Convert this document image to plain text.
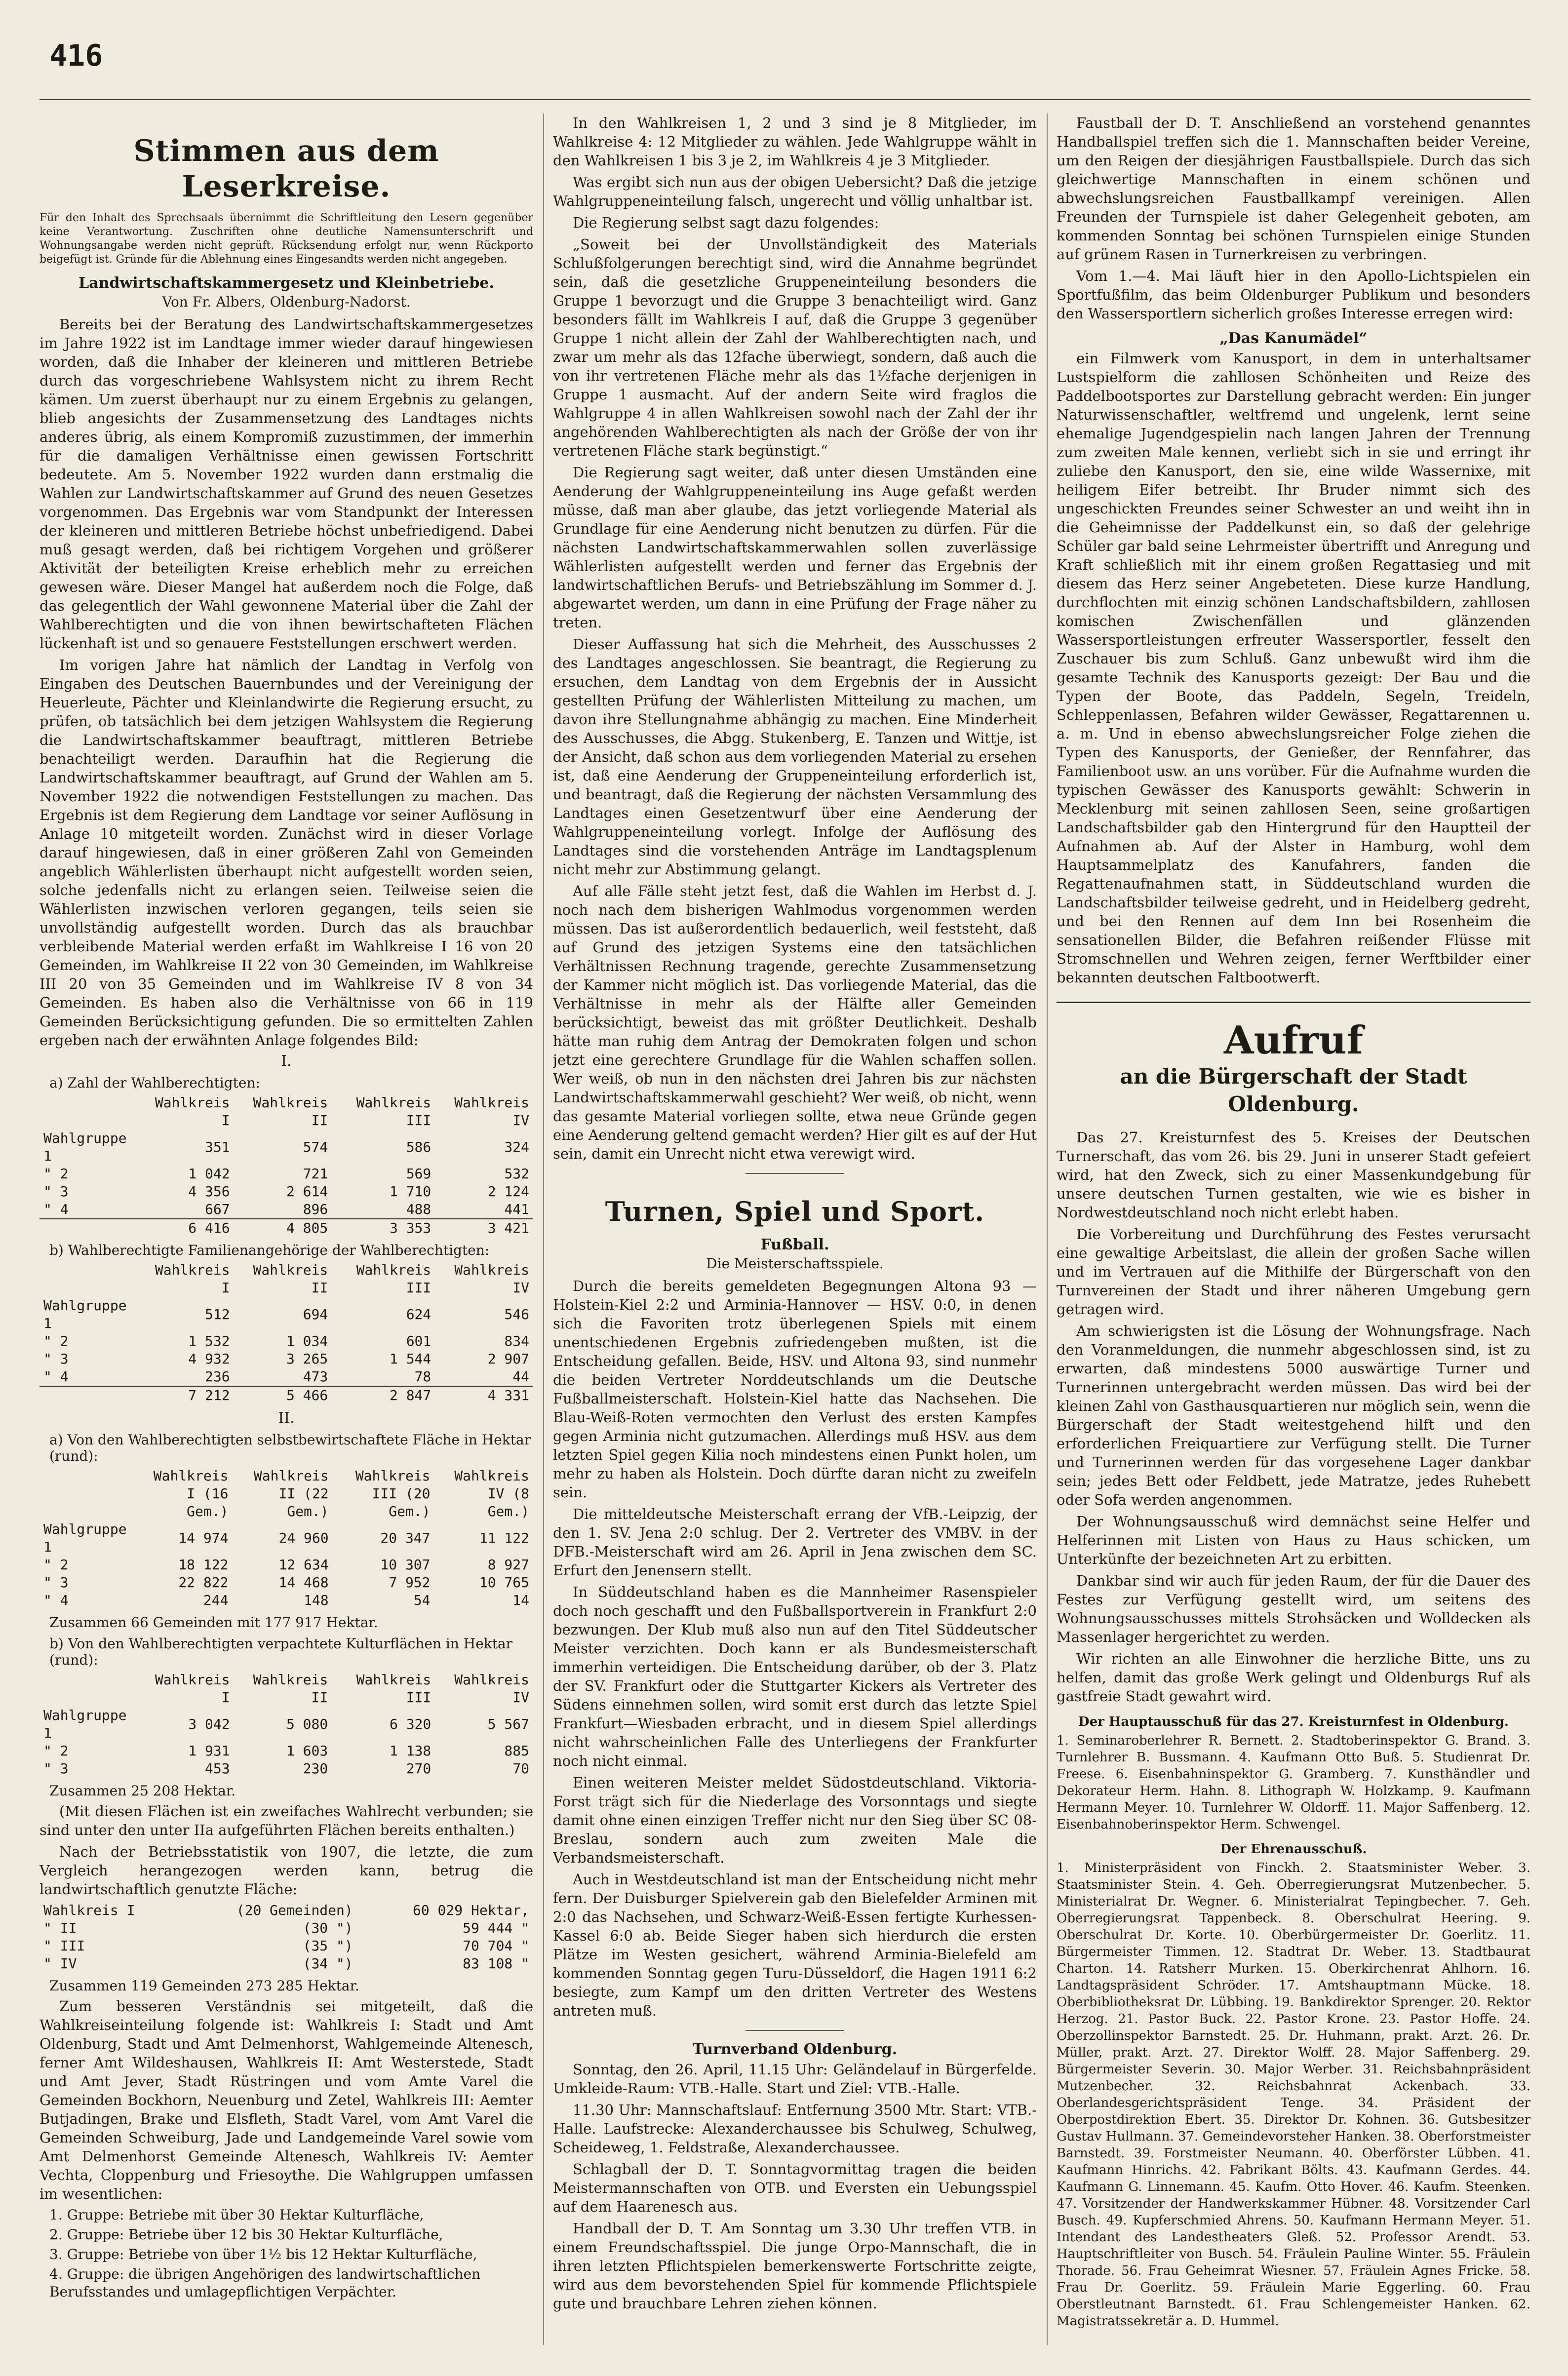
416
Stimmen aus dem Leserkreise.
Für den Inhalt des Sprechsaals übernimmt die Schriftleitung den Lesern gegenüber keine Verantwortung. Zuschriften ohne deutliche Namensunterschrift und Wohnungsangabe werden nicht geprüft. Rücksendung erfolgt nur, wenn Rückporto beigefügt ist. Gründe für die Ablehnung eines Eingesandts werden nicht angegeben.
Landwirtschaftskammergesetz und Kleinbetriebe.
Von Fr. Albers, Oldenburg-Nadorst.

Bereits bei der Beratung des Landwirtschaftskammergesetzes im Jahre 1922 ist im Landtage immer wieder darauf hingewiesen worden, daß die Inhaber der kleineren und mittleren Betriebe durch das vorgeschriebene Wahlsystem nicht zu ihrem Recht kämen. Um zuerst überhaupt nur zu einem Ergebnis zu gelangen, blieb angesichts der Zusammensetzung des Landtages nichts anderes übrig, als einem Kompromiß zuzustimmen, der immerhin für die damaligen Verhältnisse einen gewissen Fortschritt bedeutete. Am 5. November 1922 wurden dann erstmalig die Wahlen zur Landwirtschaftskammer auf Grund des neuen Gesetzes vorgenommen. Das Ergebnis war vom Standpunkt der Interessen der kleineren und mittleren Betriebe höchst unbefriedigend. Dabei muß gesagt werden, daß bei richtigem Vorgehen und größerer Aktivität der beteiligten Kreise erheblich mehr zu erreichen gewesen wäre. Dieser Mangel hat außerdem noch die Folge, daß das gelegentlich der Wahl gewonnene Material über die Zahl der Wahlberechtigten und die von ihnen bewirtschafteten Flächen lückenhaft ist und so genauere Feststellungen erschwert werden.

Im vorigen Jahre hat nämlich der Landtag in Verfolg von Eingaben des Deutschen Bauernbundes und der Vereinigung der Heuerleute, Pächter und Kleinlandwirte die Regierung ersucht, zu prüfen, ob tatsächlich bei dem jetzigen Wahlsystem die Regierung die Landwirtschaftskammer beauftragt, mittleren Betriebe benachteiligt werden. Daraufhin hat die Regierung die Landwirtschaftskammer beauftragt, auf Grund der Wahlen am 5. November 1922 die notwendigen Feststellungen zu machen. Das Ergebnis ist dem Regierung dem Landtage vor seiner Auflösung in Anlage 10 mitgeteilt worden. Zunächst wird in dieser Vorlage darauf hingewiesen, daß in einer größeren Zahl von Gemeinden angeblich Wählerlisten überhaupt nicht aufgestellt worden seien, solche jedenfalls nicht zu erlangen seien. Teilweise seien die Wählerlisten inzwischen verloren gegangen, teils seien sie unvollständig aufgestellt worden. Durch das als brauchbar verbleibende Material werden erfaßt im Wahlkreise I 16 von 20 Gemeinden, im Wahlkreise II 22 von 30 Gemeinden, im Wahlkreise III 20 von 35 Gemeinden und im Wahlkreise IV 8 von 34 Gemeinden. Es haben also die Verhältnisse von 66 in 119 Gemeinden Berücksichtigung gefunden. Die so ermittelten Zahlen ergeben nach der erwähnten Anlage folgendes Bild:

I.
a) Zahl der Wahlberechtigten:
	Wahlkreis I	Wahlkreis II	Wahlkreis III	Wahlkreis IV
Wahlgruppe 1	351	574	586	324
" 2	1 042	721	569	532
" 3	4 356	2 614	1 710	2 124
" 4	667	896	488	441
	6 416	4 805	3 353	3 421
b) Wahlberechtigte Familienangehörige der Wahlberechtigten:
	Wahlkreis I	Wahlkreis II	Wahlkreis III	Wahlkreis IV
Wahlgruppe 1	512	694	624	546
" 2	1 532	1 034	601	834
" 3	4 932	3 265	1 544	2 907
" 4	236	473	78	44
	7 212	5 466	2 847	4 331
II.
a) Von den Wahlberechtigten selbstbewirtschaftete Fläche in Hektar (rund):
	Wahlkreis I (16 Gem.)	Wahlkreis II (22 Gem.)	Wahlkreis III (20 Gem.)	Wahlkreis IV (8 Gem.)
Wahlgruppe 1	14 974	24 960	20 347	11 122
" 2	18 122	12 634	10 307	8 927
" 3	22 822	14 468	7 952	10 765
" 4	244	148	54	14
Zusammen 66 Gemeinden mit 177 917 Hektar.
b) Von den Wahlberechtigten verpachtete Kulturflächen in Hektar (rund):
	Wahlkreis I	Wahlkreis II	Wahlkreis III	Wahlkreis IV
Wahlgruppe 1	3 042	5 080	6 320	5 567
" 2	1 931	1 603	1 138	885
" 3	453	230	270	70
Zusammen 25 208 Hektar.

(Mit diesen Flächen ist ein zweifaches Wahlrecht verbunden; sie sind unter den unter IIa aufgeführten Flächen bereits enthalten.)

Nach der Betriebsstatistik von 1907, die letzte, die zum Vergleich herangezogen werden kann, betrug die landwirtschaftlich genutzte Fläche:

Wahlkreis I	(20 Gemeinden)	60 029 Hektar,
" II	(30 ")	59 444 "
" III	(35 ")	70 704 "
" IV	(34 ")	83 108 "
Zusammen 119 Gemeinden 273 285 Hektar.

Zum besseren Verständnis sei mitgeteilt, daß die Wahlkreiseinteilung folgende ist: Wahlkreis I: Stadt und Amt Oldenburg, Stadt und Amt Delmenhorst, Wahlgemeinde Altenesch, ferner Amt Wildeshausen, Wahlkreis II: Amt Westerstede, Stadt und Amt Jever, Stadt Rüstringen und vom Amte Varel die Gemeinden Bockhorn, Neuenburg und Zetel, Wahlkreis III: Aemter Butjadingen, Brake und Elsfleth, Stadt Varel, vom Amt Varel die Gemeinden Schweiburg, Jade und Landgemeinde Varel sowie vom Amt Delmenhorst Gemeinde Altenesch, Wahlkreis IV: Aemter Vechta, Cloppenburg und Friesoythe. Die Wahlgruppen umfassen im wesentlichen:

1. Gruppe: Betriebe mit über 30 Hektar Kulturfläche,
2. Gruppe: Betriebe über 12 bis 30 Hektar Kulturfläche,
3. Gruppe: Betriebe von über 1½ bis 12 Hektar Kulturfläche,
4. Gruppe: die übrigen Angehörigen des landwirtschaftlichen Berufsstandes und umlagepflichtigen Verpächter.

In den Wahlkreisen 1, 2 und 3 sind je 8 Mitglieder, im Wahlkreise 4: 12 Mitglieder zu wählen. Jede Wahlgruppe wählt in den Wahlkreisen 1 bis 3 je 2, im Wahlkreis 4 je 3 Mitglieder.

Was ergibt sich nun aus der obigen Uebersicht? Daß die jetzige Wahlgruppeneinteilung falsch, ungerecht und völlig unhaltbar ist.

Die Regierung selbst sagt dazu folgendes:

„Soweit bei der Unvollständigkeit des Materials Schlußfolgerungen berechtigt sind, wird die Annahme begründet sein, daß die gesetzliche Gruppeneinteilung besonders die Gruppe 1 bevorzugt und die Gruppe 3 benachteiligt wird. Ganz besonders fällt im Wahlkreis I auf, daß die Gruppe 3 gegenüber Gruppe 1 nicht allein der Zahl der Wahlberechtigten nach, und zwar um mehr als das 12fache überwiegt, sondern, daß auch die von ihr vertretenen Fläche mehr als das 1½fache derjenigen in Gruppe 1 ausmacht. Auf der andern Seite wird fraglos die Wahlgruppe 4 in allen Wahlkreisen sowohl nach der Zahl der ihr angehörenden Wahlberechtigten als nach der Größe der von ihr vertretenen Fläche stark begünstigt.“

Die Regierung sagt weiter, daß unter diesen Umständen eine Aenderung der Wahlgruppeneinteilung ins Auge gefaßt werden müsse, daß man aber glaube, das jetzt vorliegende Material als Grundlage für eine Aenderung nicht benutzen zu dürfen. Für die nächsten Landwirtschaftskammerwahlen sollen zuverlässige Wählerlisten aufgestellt werden und ferner das Ergebnis der landwirtschaftlichen Berufs- und Betriebszählung im Sommer d. J. abgewartet werden, um dann in eine Prüfung der Frage näher zu treten.

Dieser Auffassung hat sich die Mehrheit, des Ausschusses 2 des Landtages angeschlossen. Sie beantragt, die Regierung zu ersuchen, dem Landtag von dem Ergebnis der in Aussicht gestellten Prüfung der Wählerlisten Mitteilung zu machen, um davon ihre Stellungnahme abhängig zu machen. Eine Minderheit des Ausschusses, die Abgg. Stukenberg, E. Tanzen und Wittje, ist der Ansicht, daß schon aus dem vorliegenden Material zu ersehen ist, daß eine Aenderung der Gruppeneinteilung erforderlich ist, und beantragt, daß die Regierung der nächsten Versammlung des Landtages einen Gesetzentwurf über eine Aenderung der Wahlgruppeneinteilung vorlegt. Infolge der Auflösung des Landtages sind die vorstehenden Anträge im Landtagsplenum nicht mehr zur Abstimmung gelangt.

Auf alle Fälle steht jetzt fest, daß die Wahlen im Herbst d. J. noch nach dem bisherigen Wahlmodus vorgenommen werden müssen. Das ist außerordentlich bedauerlich, weil feststeht, daß auf Grund des jetzigen Systems eine den tatsächlichen Verhältnissen Rechnung tragende, gerechte Zusammensetzung der Kammer nicht möglich ist. Das vorliegende Material, das die Verhältnisse in mehr als der Hälfte aller Gemeinden berücksichtigt, beweist das mit größter Deutlichkeit. Deshalb hätte man ruhig dem Antrag der Demokraten folgen und schon jetzt eine gerechtere Grundlage für die Wahlen schaffen sollen. Wer weiß, ob nun in den nächsten drei Jahren bis zur nächsten Landwirtschaftskammerwahl geschieht? Wer weiß, ob nicht, wenn das gesamte Material vorliegen sollte, etwa neue Gründe gegen eine Aenderung geltend gemacht werden? Hier gilt es auf der Hut sein, damit ein Unrecht nicht etwa verewigt wird.

Turnen, Spiel und Sport.
Fußball.
Die Meisterschaftsspiele.

Durch die bereits gemeldeten Begegnungen Altona 93 — Holstein-Kiel 2:2 und Arminia-Hannover — HSV. 0:0, in denen sich die Favoriten trotz überlegenen Spiels mit einem unentschiedenen Ergebnis zufriedengeben mußten, ist die Entscheidung gefallen. Beide, HSV. und Altona 93, sind nunmehr die beiden Vertreter Norddeutschlands um die Deutsche Fußballmeisterschaft. Holstein-Kiel hatte das Nachsehen. Die Blau-Weiß-Roten vermochten den Verlust des ersten Kampfes gegen Arminia nicht gutzumachen. Allerdings muß HSV. aus dem letzten Spiel gegen Kilia noch mindestens einen Punkt holen, um mehr zu haben als Holstein. Doch dürfte daran nicht zu zweifeln sein.

Die mitteldeutsche Meisterschaft errang der VfB.-Leipzig, der den 1. SV. Jena 2:0 schlug. Der 2. Vertreter des VMBV. in der DFB.-Meisterschaft wird am 26. April in Jena zwischen dem SC. Erfurt den Jenensern stellt.

In Süddeutschland haben es die Mannheimer Rasenspieler doch noch geschafft und den Fußballsportverein in Frankfurt 2:0 bezwungen. Der Klub muß also nun auf den Titel Süddeutscher Meister verzichten. Doch kann er als Bundesmeisterschaft immerhin verteidigen. Die Entscheidung darüber, ob der 3. Platz der SV. Frankfurt oder die Stuttgarter Kickers als Vertreter des Südens einnehmen sollen, wird somit erst durch das letzte Spiel Frankfurt—Wiesbaden erbracht, und in diesem Spiel allerdings nicht wahrscheinlichen Falle des Unterliegens der Frankfurter noch nicht einmal.

Einen weiteren Meister meldet Südostdeutschland. Viktoria-Forst trägt sich für die Niederlage des Vorsonntags und siegte damit ohne einen einzigen Treffer nicht nur den Sieg über SC 08-Breslau, sondern auch zum zweiten Male die Verbandsmeisterschaft.

Auch in Westdeutschland ist man der Entscheidung nicht mehr fern. Der Duisburger Spielverein gab den Bielefelder Arminen mit 2:0 das Nachsehen, und Schwarz-Weiß-Essen fertigte Kurhessen-Kassel 6:0 ab. Beide Sieger haben sich hierdurch die ersten Plätze im Westen gesichert, während Arminia-Bielefeld am kommenden Sonntag gegen Turu-Düsseldorf, die Hagen 1911 6:2 besiegte, zum Kampf um den dritten Vertreter des Westens antreten muß.

Turnverband Oldenburg.

Sonntag, den 26. April, 11.15 Uhr: Geländelauf in Bürgerfelde. Umkleide-Raum: VTB.-Halle. Start und Ziel: VTB.-Halle.

11.30 Uhr: Mannschaftslauf: Entfernung 3500 Mtr. Start: VTB.-Halle. Laufstrecke: Alexanderchaussee bis Schulweg, Schulweg, Scheideweg, 1. Feldstraße, Alexanderchaussee.

Schlagball der D. T. Sonntagvormittag tragen die beiden Meistermannschaften von OTB. und Eversten ein Uebungsspiel auf dem Haarenesch aus.

Handball der D. T. Am Sonntag um 3.30 Uhr treffen VTB. in einem Freundschaftsspiel. Die junge Orpo-Mannschaft, die in ihren letzten Pflichtspielen bemerkenswerte Fortschritte zeigte, wird aus dem bevorstehenden Spiel für kommende Pflichtspiele gute und brauchbare Lehren ziehen können.

Faustball der D. T. Anschließend an vorstehend genanntes Handballspiel treffen sich die 1. Mannschaften beider Vereine, um den Reigen der diesjährigen Faustballspiele. Durch das sich gleichwertige Mannschaften in einem schönen und abwechslungsreichen Faustballkampf vereinigen. Allen Freunden der Turnspiele ist daher Gelegenheit geboten, am kommenden Sonntag bei schönen Turnspielen einige Stunden auf grünem Rasen in Turnerkreisen zu verbringen.

Vom 1.—4. Mai läuft hier in den Apollo-Lichtspielen ein Sportfußfilm, das beim Oldenburger Publikum und besonders den Wassersportlern sicherlich großes Interesse erregen wird:

„Das Kanumädel“

ein Filmwerk vom Kanusport, in dem in unterhaltsamer Lustspielform die zahllosen Schönheiten und Reize des Paddelbootsportes zur Darstellung gebracht werden: Ein junger Naturwissenschaftler, weltfremd und ungelenk, lernt seine ehemalige Jugendgespielin nach langen Jahren der Trennung zum zweiten Male kennen, verliebt sich in sie und erringt ihr zuliebe den Kanusport, den sie, eine wilde Wassernixe, mit heiligem Eifer betreibt. Ihr Bruder nimmt sich des ungeschickten Freundes seiner Schwester an und weiht ihn in die Geheimnisse der Paddelkunst ein, so daß der gelehrige Schüler gar bald seine Lehrmeister übertrifft und Anregung und Kraft schließlich mit ihr einem großen Regattasieg und mit diesem das Herz seiner Angebeteten. Diese kurze Handlung, durchflochten mit einzig schönen Landschaftsbildern, zahllosen komischen Zwischenfällen und glänzenden Wassersportleistungen erfreuter Wassersportler, fesselt den Zuschauer bis zum Schluß. Ganz unbewußt wird ihm die gesamte Technik des Kanusports gezeigt: Der Bau und die Typen der Boote, das Paddeln, Segeln, Treideln, Schleppenlassen, Befahren wilder Gewässer, Regattarennen u. a. m. Und in ebenso abwechslungsreicher Folge ziehen die Typen des Kanusports, der Genießer, der Rennfahrer, das Familienboot usw. an uns vorüber. Für die Aufnahme wurden die typischen Gewässer des Kanusports gewählt: Schwerin in Mecklenburg mit seinen zahllosen Seen, seine großartigen Landschaftsbilder gab den Hintergrund für den Hauptteil der Aufnahmen ab. Auf der Alster in Hamburg, wohl dem Hauptsammelplatz des Kanufahrers, fanden die Regattenaufnahmen statt, in Süddeutschland wurden die Landschaftsbilder teilweise gedreht, und in Heidelberg gedreht, und bei den Rennen auf dem Inn bei Rosenheim die sensationellen Bilder, die Befahren reißender Flüsse mit Stromschnellen und Wehren zeigen, ferner Werftbilder einer bekannten deutschen Faltbootwerft.

Aufruf
an die Bürgerschaft der Stadt Oldenburg.

Das 27. Kreisturnfest des 5. Kreises der Deutschen Turnerschaft, das vom 26. bis 29. Juni in unserer Stadt gefeiert wird, hat den Zweck, sich zu einer Massenkundgebung für unsere deutschen Turnen gestalten, wie wie es bisher in Nordwestdeutschland noch nicht erlebt haben.

Die Vorbereitung und Durchführung des Festes verursacht eine gewaltige Arbeitslast, die allein der großen Sache willen und im Vertrauen auf die Mithilfe der Bürgerschaft von den Turnvereinen der Stadt und ihrer näheren Umgebung gern getragen wird.

Am schwierigsten ist die Lösung der Wohnungsfrage. Nach den Voranmeldungen, die nunmehr abgeschlossen sind, ist zu erwarten, daß mindestens 5000 auswärtige Turner und Turnerinnen untergebracht werden müssen. Das wird bei der kleinen Zahl von Gasthausquartieren nur möglich sein, wenn die Bürgerschaft der Stadt weitestgehend hilft und den erforderlichen Freiquartiere zur Verfügung stellt. Die Turner und Turnerinnen werden für das vorgesehene Lager dankbar sein; jedes Bett oder Feldbett, jede Matratze, jedes Ruhebett oder Sofa werden angenommen.

Der Wohnungsausschuß wird demnächst seine Helfer und Helferinnen mit Listen von Haus zu Haus schicken, um Unterkünfte der bezeichneten Art zu erbitten.

Dankbar sind wir auch für jeden Raum, der für die Dauer des Festes zur Verfügung gestellt wird, um seitens des Wohnungsausschusses mittels Strohsäcken und Wolldecken als Massenlager hergerichtet zu werden.

Wir richten an alle Einwohner die herzliche Bitte, uns zu helfen, damit das große Werk gelingt und Oldenburgs Ruf als gastfreie Stadt gewahrt wird.

Der Hauptausschuß für das 27. Kreisturnfest in Oldenburg.

1. Seminaroberlehrer R. Bernett. 2. Stadtoberinspektor G. Brand. 3. Turnlehrer B. Bussmann. 4. Kaufmann Otto Buß. 5. Studienrat Dr. Freese. 6. Eisenbahninspektor G. Gramberg. 7. Kunsthändler und Dekorateur Herm. Hahn. 8. Lithograph W. Holzkamp. 9. Kaufmann Hermann Meyer. 10. Turnlehrer W. Oldorff. 11. Major Saffenberg. 12. Eisenbahnoberinspektor Herm. Schwengel.

Der Ehrenausschuß.

1. Ministerpräsident von Finckh. 2. Staatsminister Weber. 3. Staatsminister Stein. 4. Geh. Oberregierungsrat Mutzenbecher. 5. Ministerialrat Dr. Wegner. 6. Ministerialrat Tepingbecher. 7. Geh. Oberregierungsrat Tappenbeck. 8. Oberschulrat Heering. 9. Oberschulrat Dr. Korte. 10. Oberbürgermeister Dr. Goerlitz. 11. Bürgermeister Timmen. 12. Stadtrat Dr. Weber. 13. Stadtbaurat Charton. 14. Ratsherr Murken. 15. Oberkirchenrat Ahlhorn. 16. Landtagspräsident Schröder. 17. Amtshauptmann Mücke. 18. Oberbibliotheksrat Dr. Lübbing. 19. Bankdirektor Sprenger. 20. Rektor Herzog. 21. Pastor Buck. 22. Pastor Krone. 23. Pastor Hoffe. 24. Oberzollinspektor Barnstedt. 25. Dr. Huhmann, prakt. Arzt. 26. Dr. Müller, prakt. Arzt. 27. Direktor Wolff. 28. Major Saffenberg. 29. Bürgermeister Severin. 30. Major Werber. 31. Reichsbahnpräsident Mutzenbecher. 32. Reichsbahnrat Ackenbach. 33. Oberlandesgerichtspräsident Tenge. 34. Präsident der Oberpostdirektion Ebert. 35. Direktor Dr. Kohnen. 36. Gutsbesitzer Gustav Hullmann. 37. Gemeindevorsteher Hanken. 38. Oberforstmeister Barnstedt. 39. Forstmeister Neumann. 40. Oberförster Lübben. 41. Kaufmann Hinrichs. 42. Fabrikant Bölts. 43. Kaufmann Gerdes. 44. Kaufmann G. Linnemann. 45. Kaufm. Otto Hover. 46. Kaufm. Steenken. 47. Vorsitzender der Handwerkskammer Hübner. 48. Vorsitzender Carl Busch. 49. Kupferschmied Ahrens. 50. Kaufmann Hermann Meyer. 51. Intendant des Landestheaters Gleß. 52. Professor Arendt. 53. Hauptschriftleiter von Busch. 54. Fräulein Pauline Winter. 55. Fräulein Thorade. 56. Frau Geheimrat Wiesner. 57. Fräulein Agnes Fricke. 58. Frau Dr. Goerlitz. 59. Fräulein Marie Eggerling. 60. Frau Oberstleutnant Barnstedt. 61. Frau Schlengemeister Hanken. 62. Magistratssekretär a. D. Hummel.
